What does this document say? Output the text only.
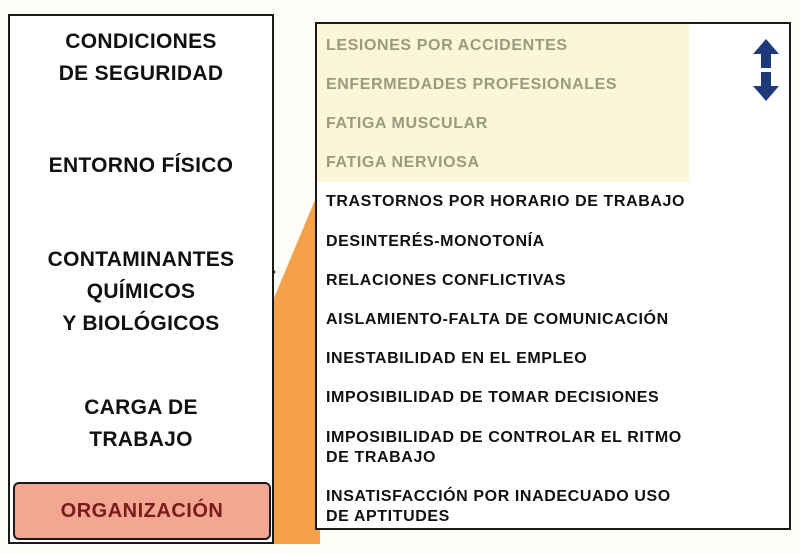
CONDICIONES
DE SEGURIDAD
ENTORNO FÍSICO
CONTAMINANTES
QUÍMICOS
Y BIOLÓGICOS
CARGA DE
TRABAJO
ORGANIZACIÓN
LESIONES POR ACCIDENTES
ENFERMEDADES PROFESIONALES
FATIGA MUSCULAR
FATIGA NERVIOSA
TRASTORNOS POR HORARIO DE TRABAJO
DESINTERÉS-MONOTONÍA
RELACIONES CONFLICTIVAS
AISLAMIENTO-FALTA DE COMUNICACIÓN
INESTABILIDAD EN EL EMPLEO
IMPOSIBILIDAD DE TOMAR DECISIONES
IMPOSIBILIDAD DE CONTROLAR EL RITMO
DE TRABAJO
INSATISFACCIÓN POR INADECUADO USO
DE APTITUDES
